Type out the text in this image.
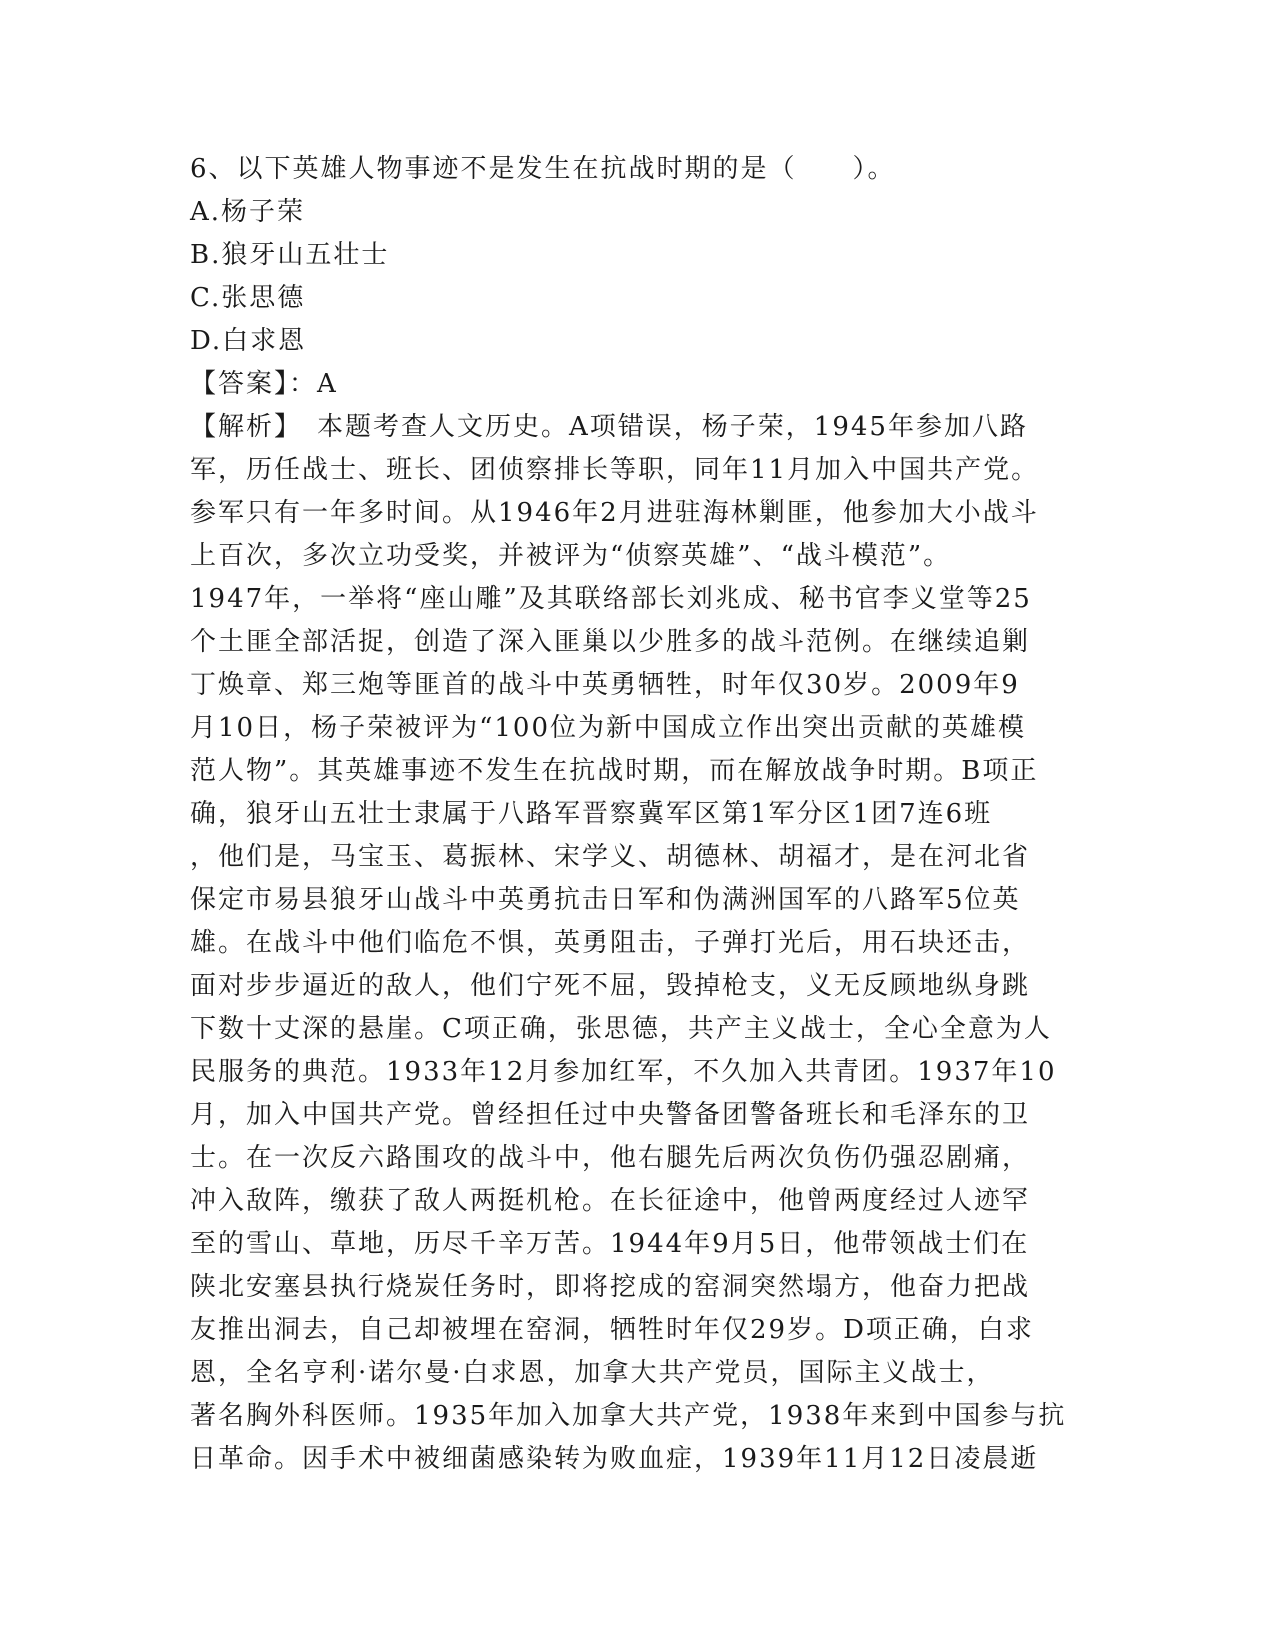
6、以下英雄人物事迹不是发生在抗战时期的是（　　）。
A.杨子荣
B.狼牙山五壮士
C.张思德
D.白求恩
【答案】：A
【解析】　本题考查人文历史。A项错误，杨子荣，1945年参加八路
军，历任战士、班长、团侦察排长等职，同年11月加入中国共产党。
参军只有一年多时间。从1946年2月进驻海林剿匪，他参加大小战斗
上百次，多次立功受奖，并被评为“侦察英雄”、“战斗模范”。
1947年，一举将“座山雕”及其联络部长刘兆成、秘书官李义堂等25
个土匪全部活捉，创造了深入匪巢以少胜多的战斗范例。在继续追剿
丁焕章、郑三炮等匪首的战斗中英勇牺牲，时年仅30岁。2009年9
月10日，杨子荣被评为“100位为新中国成立作出突出贡献的英雄模
范人物”。其英雄事迹不发生在抗战时期，而在解放战争时期。B项正
确，狼牙山五壮士隶属于八路军晋察冀军区第1军分区1团7连6班
，他们是，马宝玉、葛振林、宋学义、胡德林、胡福才，是在河北省
保定市易县狼牙山战斗中英勇抗击日军和伪满洲国军的八路军5位英
雄。在战斗中他们临危不惧，英勇阻击，子弹打光后，用石块还击，
面对步步逼近的敌人，他们宁死不屈，毁掉枪支，义无反顾地纵身跳
下数十丈深的悬崖。C项正确，张思德，共产主义战士，全心全意为人
民服务的典范。1933年12月参加红军，不久加入共青团。1937年10
月，加入中国共产党。曾经担任过中央警备团警备班长和毛泽东的卫
士。在一次反六路围攻的战斗中，他右腿先后两次负伤仍强忍剧痛，
冲入敌阵，缴获了敌人两挺机枪。在长征途中，他曾两度经过人迹罕
至的雪山、草地，历尽千辛万苦。1944年9月5日，他带领战士们在
陕北安塞县执行烧炭任务时，即将挖成的窑洞突然塌方，他奋力把战
友推出洞去，自己却被埋在窑洞，牺牲时年仅29岁。D项正确，白求
恩，全名亨利·诺尔曼·白求恩，加拿大共产党员，国际主义战士，
著名胸外科医师。1935年加入加拿大共产党，1938年来到中国参与抗
日革命。因手术中被细菌感染转为败血症，1939年11月12日凌晨逝
